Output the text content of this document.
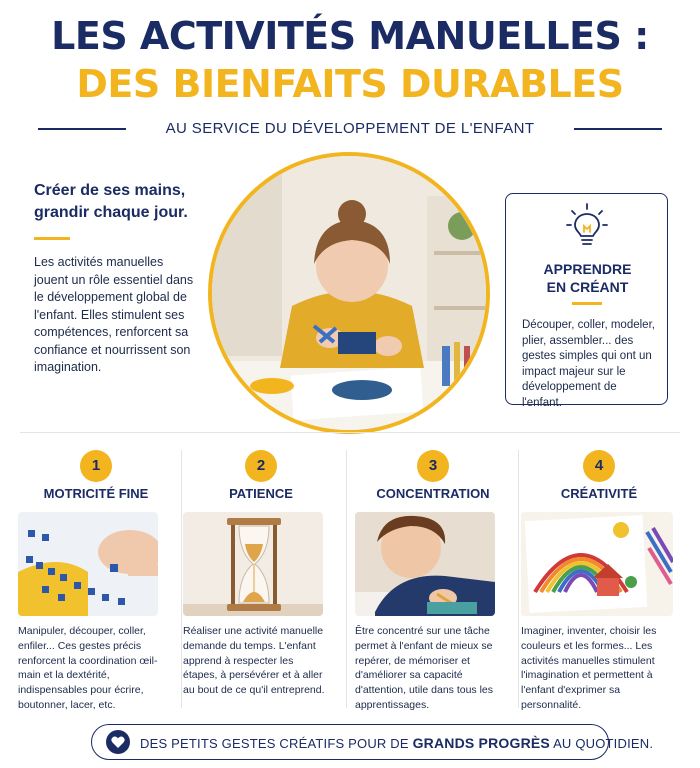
LES ACTIVITÉS MANUELLES :
DES BIENFAITS DURABLES
AU SERVICE DU DÉVELOPPEMENT DE L'ENFANT
Créer de ses mains, grandir chaque jour.
Les activités manuelles jouent un rôle essentiel dans le développement global de l'enfant. Elles stimulent ses compétences, renforcent sa confiance et nourrissent son imagination.
APPRENDRE
EN CRÉANT
Découper, coller, modeler, plier, assembler... des gestes simples qui ont un impact majeur sur le développement de l'enfant.
1
MOTRICITÉ FINE
Manipuler, découper, coller, enfiler... Ces gestes précis renforcent la coordination œil-main et la dextérité, indispensables pour écrire, boutonner, lacer, etc.
2
PATIENCE
Réaliser une activité manuelle demande du temps. L'enfant apprend à respecter les étapes, à persévérer et à aller au bout de ce qu'il entreprend.
3
CONCENTRATION
Être concentré sur une tâche permet à l'enfant de mieux se repérer, de mémoriser et d'améliorer sa capacité d'attention, utile dans tous les apprentissages.
4
CRÉATIVITÉ
Imaginer, inventer, choisir les couleurs et les formes... Les activités manuelles stimulent l'imagination et permettent à l'enfant d'exprimer sa personnalité.
DES PETITS GESTES CRÉATIFS POUR DE GRANDS PROGRÈS AU QUOTIDIEN.
